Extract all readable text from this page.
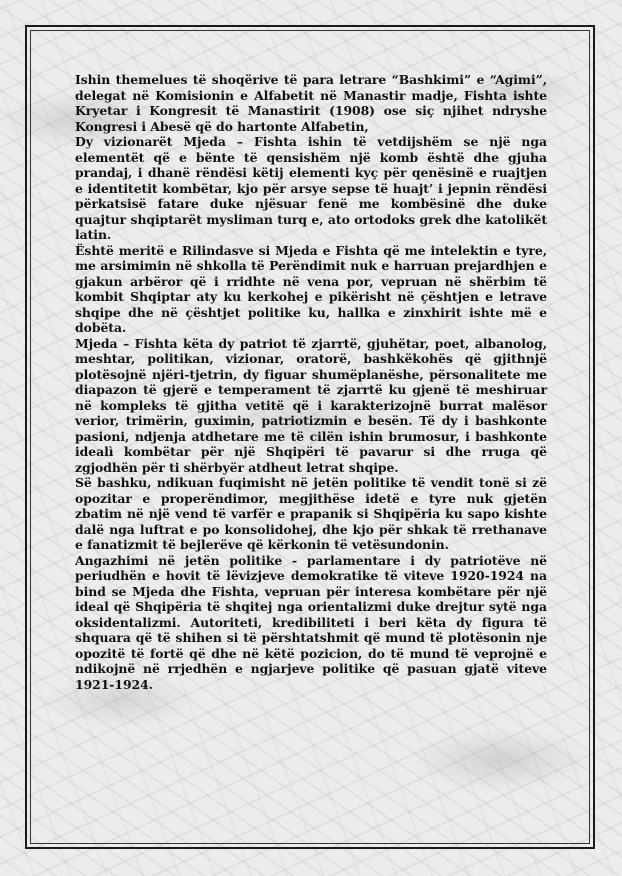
Ishin themelues të shoqërive të para letrare “Bashkimi” e “Agimi”, delegat në Komisionin e Alfabetit në Manastir madje, Fishta ishte Kryetar i Kongresit të Manastirit (1908) ose siç njihet ndryshe Kongresi i Abesë që do hartonte Alfabetin,

Dy vizionarët Mjeda – Fishta ishin të vetdijshëm se një nga elementët që e bënte të qensishëm një komb është dhe gjuha prandaj, i dhanë rëndësi këtij elementi kyç për qenësinë e ruajtjen e identitetit kombëtar, kjo për arsye sepse të huajt’ i jepnin rëndësi përkatsisë fatare duke njësuar fenë me kombësinë dhe duke quajtur shqiptarët mysliman turq e, ato ortodoks grek dhe katolikët latin.

Është meritë e Rilindasve si Mjeda e Fishta që me intelektin e tyre, me arsimimin në shkolla të Perëndimit nuk e harruan prejardhjen e gjakun arbëror që i rridhte në vena por, vepruan në shërbim të kombit Shqiptar aty ku kerkohej e pikërisht në çështjen e letrave shqipe dhe në çështjet politike ku, hallka e zinxhirit ishte më e dobëta.

Mjeda – Fishta këta dy patriot të zjarrtë, gjuhëtar, poet, albanolog, meshtar, politikan, vizionar, oratorë, bashkëkohës që gjithnjë plotësojnë njëri-tjetrin, dy figuar shumëplanëshe, përsonalitete me diapazon të gjerë e temperament të zjarrtë ku gjenë të meshiruar në kompleks të gjitha vetitë që i karakterizojnë burrat malësor verior, trimërin, guximin, patriotizmin e besën. Të dy i bashkonte pasioni, ndjenja atdhetare me të cilën ishin brumosur, i bashkonte idealì kombëtar për një Shqipëri të pavarur si dhe rruga që zgjodhën për ti shërbyër atdheut letrat shqipe.

Së bashku, ndikuan fuqimisht në jetën politike të vendit tonë si zë opozitar e properëndimor, megjithëse idetë e tyre nuk gjetën zbatim në një vend të varfër e prapanik si Shqipëria ku sapo kishte dalë nga luftrat e po konsolidohej, dhe kjo për shkak të rrethanave e fanatizmit të bejlerëve që kërkonin të vetësundonin.

Angazhimi në jetën politike - parlamentare i dy patriotëve në periudhën e hovit të lëvizjeve demokratike të viteve 1920-1924 na bind se Mjeda dhe Fishta, vepruan për interesa kombëtare për një ideal që Shqipëria të shqitej nga orientalizmi duke drejtur sytë nga oksidentalizmi. Autoriteti, kredibiliteti i beri këta dy figura të shquara që të shihen si të përshtatshmit që mund të plotësonin nje opozitë të fortë që dhe në këtë pozicion, do të mund të veprojnë e ndikojnë në rrjedhën e ngjarjeve politike që pasuan gjatë viteve 1921-1924.
